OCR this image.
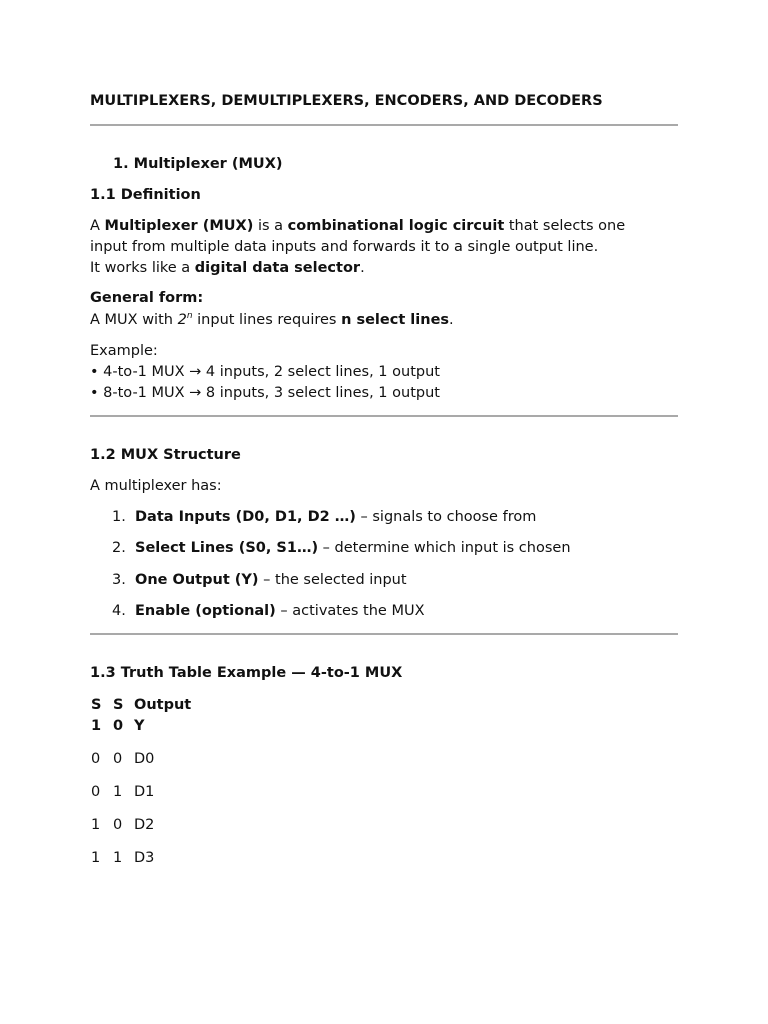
MULTIPLEXERS, DEMULTIPLEXERS, ENCODERS, AND DECODERS
1. Multiplexer (MUX)
1.1 Definition
A Multiplexer (MUX) is a combinational logic circuit that selects one
input from multiple data inputs and forwards it to a single output line.
It works like a digital data selector.
General form:
A MUX with 2$^n$ input lines requires n select lines.
Example:
• 4-to-1 MUX → 4 inputs, 2 select lines, 1 output
• 8-to-1 MUX → 8 inputs, 3 select lines, 1 output
1.2 MUX Structure
A multiplexer has:
1. Data Inputs (D0, D1, D2 …) – signals to choose from
2. Select Lines (S0, S1…) – determine which input is chosen
3. One Output (Y) – the selected input
4. Enable (optional) – activates the MUX
1.3 Truth Table Example — 4-to-1 MUX
S
1
S
0
Output
Y
0 0 D0
0 1 D1
1 0 D2
1 1 D3
